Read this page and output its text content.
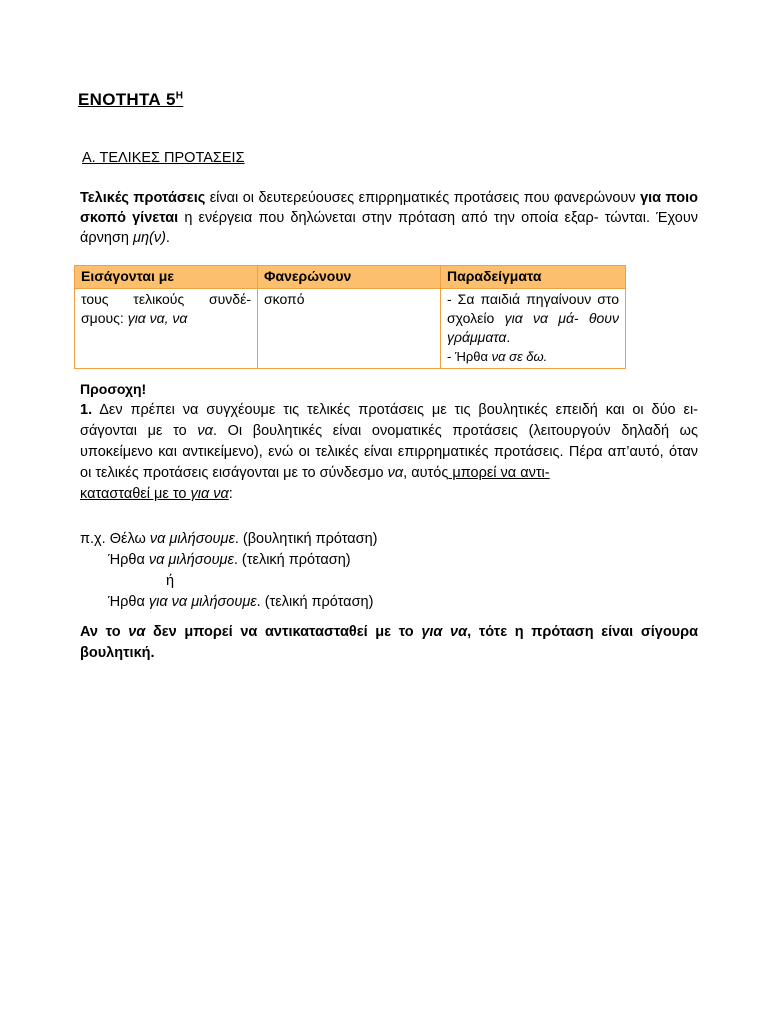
ΕΝΟΤΗΤΑ $5^H$
Α. ΤΕΛΙΚΕΣ ΠΡΟΤΑΣΕΙΣ
Τελικές προτάσεις είναι οι δευτερεύουσες επιρρηματικές προτάσεις που φανερώνουν για ποιο σκοπό γίνεται η ενέργεια που δηλώνεται στην πρόταση από την οποία εξαρ- τώνται. Έχουν άρνηση μη(ν).
Εισάγονται με	Φανερώνουν	Παραδείγματα
τους τελικούς συνδέ- σμους: για να, να	σκοπό	- Σα παιδιά πηγαίνουν στο σχολείο για να μά- θουν γράμματα.
- Ήρθα να σε δω.
Προσοχη!
1. Δεν πρέπει να συγχέουμε τις τελικές προτάσεις με τις βουλητικές επειδή και οι δύο ει- σάγονται με το να. Οι βουλητικές είναι ονοματικές προτάσεις (λειτουργούν δηλαδή ως υποκείμενο και αντικείμενο), ενώ οι τελικές είναι επιρρηματικές προτάσεις. Πέρα απ’αυτό, όταν οι τελικές προτάσεις εισάγονται με το σύνδεσμο να, αυτός μπορεί να αντι-
κατασταθεί με το για να:
π.χ. Θέλω να μιλήσουμε. (βουλητική πρόταση)
Ήρθα να μιλήσουμε. (τελική πρόταση)
ή
Ήρθα για να μιλήσουμε. (τελική πρόταση)
Αν το να δεν μπορεί να αντικατασταθεί με το για να, τότε η πρόταση είναι σίγουρα βουλητική.
